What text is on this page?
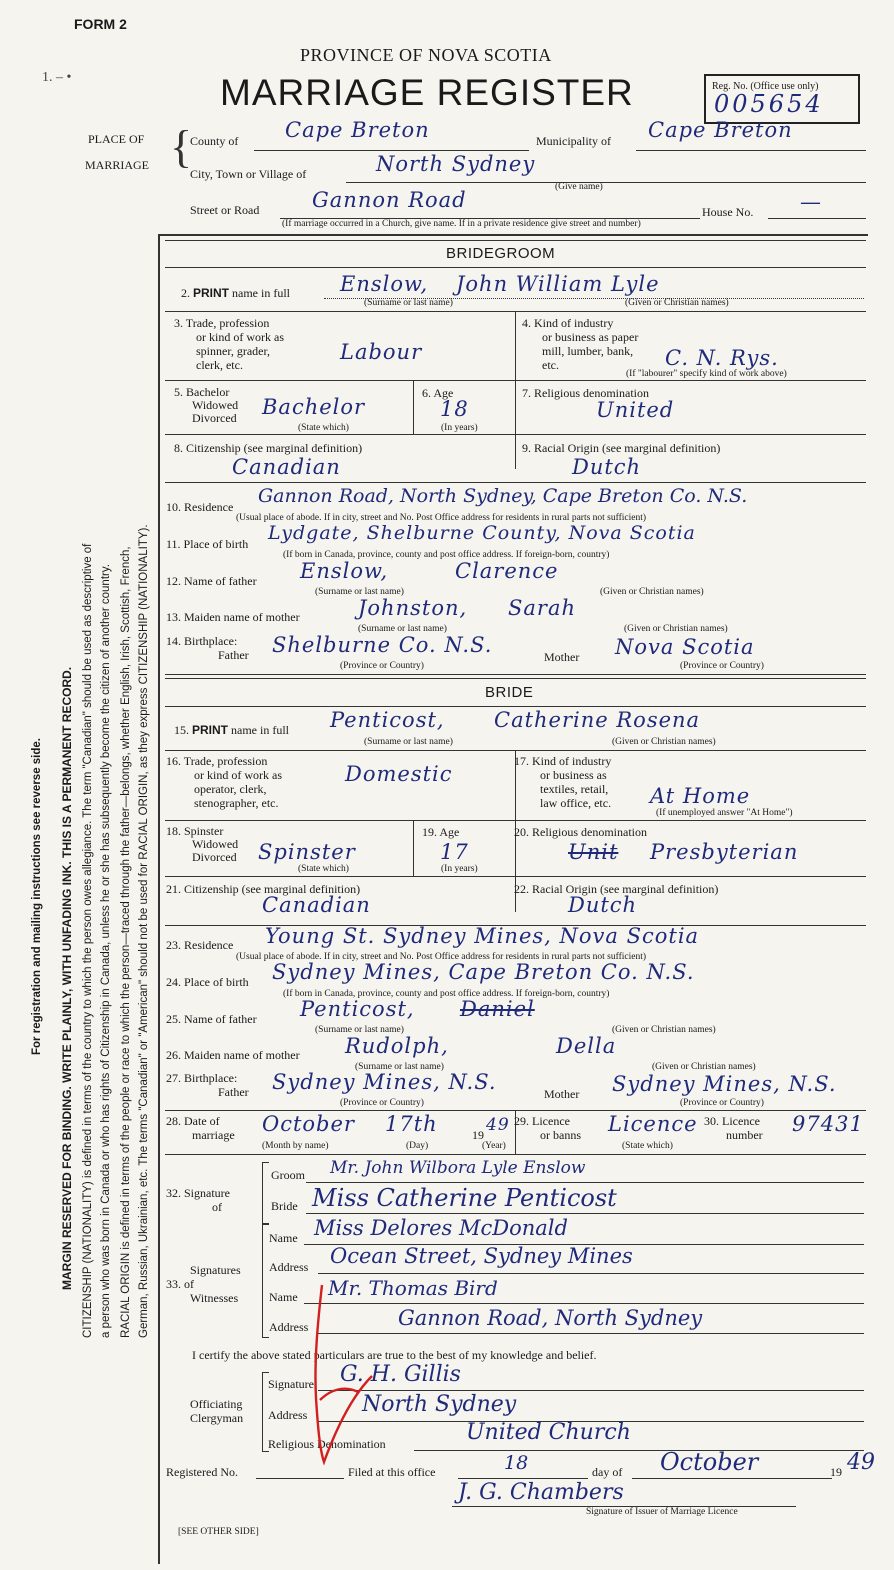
FORM 2
1. – •
PROVINCE OF NOVA SCOTIA
MARRIAGE REGISTER	Reg. No. (Office use only)
005654
PLACE OF
MARRIAGE {
County of Cape Breton	Municipality of Cape Breton
City, Town or Village of	North Sydney
(Give name)
Street or Road	Gannon Road	House No. —
(If marriage occurred in a Church, give name. If in a private residence give street and number)
MARGIN RESERVED FOR BINDING. WRITE PLAINLY, WITH UNFADING INK. THIS IS A PERMANENT RECORD.
For registration and mailing instructions see reverse side.	CITIZENSHIP (NATIONALITY) is defined in terms of the country to which the person owes allegiance. The term "Canadian" should be used as descriptive of a person who was born in Canada or who has rights of Citizenship in Canada, unless he or she has subsequently become the citizen of another country. RACIAL ORIGIN is defined in terms of the people or race to which the person—traced through the father—belongs, whether English, Irish, Scottish, French, German, Russian, Ukrainian, etc. The terms "Canadian" or "American" should not be used for RACIAL ORIGIN, as they express CITIZENSHIP (NATIONALITY).
BRIDEGROOM
2. PRINT name in full Enslow, John William Lyle
(Surname or last name)	(Given or Christian names)
3. Trade, profession
or kind of work as
spinner, grader,
clerk, etc.
Labour
4. Kind of industry
or business as paper
mill, lumber, bank,
etc.	C. N. Rys.
(If "labourer" specify kind of work above)
5. Bachelor
Widowed
Divorced Bachelor
(State which)
6. Age
18
(In years)
7. Religious denomination
United
8. Citizenship (see marginal definition)
Canadian
9. Racial Origin (see marginal definition)
Dutch
10. Residence Gannon Road, North Sydney, Cape Breton Co. N.S.
(Usual place of abode. If in city, street and No. Post Office address for residents in rural parts not sufficient)
11. Place of birth Lydgate, Shelburne County, Nova Scotia
(If born in Canada, province, county and post office address. If foreign-born, country)
12. Name of father Enslow,	Clarence
(Surname or last name)	(Given or Christian names)
13. Maiden name of mother	Johnston, Sarah
(Surname or last name)	(Given or Christian names)
14. Birthplace:
Father Shelburne Co. N.S.	Mother Nova Scotia
(Province or Country)	(Province or Country)
BRIDE
15. PRINT name in full Penticost, Catherine Rosena
(Surname or last name)	(Given or Christian names)
16. Trade, profession
or kind of work as
operator, clerk,
stenographer, etc.
Domestic
17. Kind of industry
or business as
textiles, retail,
law office, etc. At Home
(If unemployed answer "At Home")
18. Spinster
Widowed
Divorced Spinster
(State which)
19. Age
17
(In years)
20. Religious denomination
Unit Presbyterian
21. Citizenship (see marginal definition)
Canadian
22. Racial Origin (see marginal definition)
Dutch
23. Residence Young St. Sydney Mines, Nova Scotia
(Usual place of abode. If in city, street and No. Post Office address for residents in rural parts not sufficient)
24. Place of birth Sydney Mines, Cape Breton Co. N.S.
(If born in Canada, province, county and post office address. If foreign-born, country)
25. Name of father Penticost, Daniel
(Surname or last name)	(Given or Christian names)
26. Maiden name of mother Rudolph,	Della
(Surname or last name)	(Given or Christian names)
27. Birthplace:
Father Sydney Mines, N.S.	Mother Sydney Mines, N.S.
(Province or Country)	(Province or Country)
28. Date of
marriage October 17th	19 49
(Month by name)	(Day)	(Year)
29. Licence
or banns Licence
(State which)
30. Licence
number 97431
32. Signature
of
Groom Mr. John Wilbora Lyle Enslow
Bride Miss Catherine Penticost
Signatures
33. of
Witnesses
Name Miss Delores McDonald
Address Ocean Street, Sydney Mines
Name Mr. Thomas Bird
Address	Gannon Road, North Sydney
I certify the above stated particulars are true to the best of my knowledge and belief.
Officiating
Clergyman
Signature G. H. Gillis
Address North Sydney
Religious Denomination	United Church
Registered No.	Filed at this office	18	day of October	19 49
J. G. Chambers
Signature of Issuer of Marriage Licence
[SEE OTHER SIDE]
